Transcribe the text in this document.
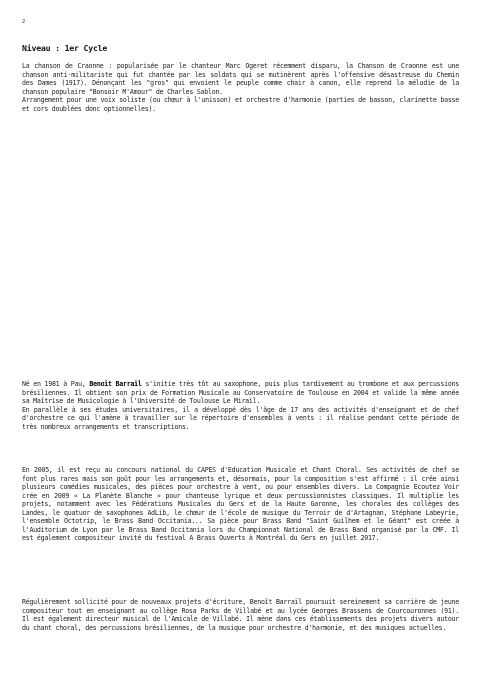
2
Niveau : 1er Cycle

La chanson de Craonne : popularisée par le chanteur Marc Ogeret récemment disparu, la Chanson de Craonne est une chanson anti-militariste qui fut chantée par les soldats qui se mutinèrent après l'offensive désastreuse du Chemin des Dames (1917). Dénonçant les "gros" qui envoient le peuple comme chair à canon, elle reprend la mélodie de la chanson populaire "Bonsoir M'Amour" de Charles Sablon.

Arrangement pour une voix soliste (ou chœur à l'unisson) et orchestre d'harmonie (parties de basson, clarinette basse et cors doublées donc optionnelles).

Né en 1981 à Pau, Benoît Barraïl s'initie très tôt au saxophone, puis plus tardivement au trombone et aux percussions brésiliennes. Il obtient son prix de Formation Musicale au Conservatoire de Toulouse en 2004 et valide la même année sa Maîtrise de Musicologie à l'Université de Toulouse Le Mirail.

En parallèle à ses études universitaires, il a développé dès l'âge de 17 ans des activités d'enseignant et de chef d'orchestre ce qui l'amène à travailler sur le répertoire d'ensembles à vents : il réalise pendant cette période de très nombreux arrangements et transcriptions.

En 2005, il est reçu au concours national du CAPES d'Education Musicale et Chant Choral. Ses activités de chef se font plus rares mais son goût pour les arrangements et, désormais, pour la composition s'est affirmé : il crée ainsi plusieurs comédies musicales, des pièces pour orchestre à vent, ou pour ensembles divers. La Compagnie Ecoutez Voir crée en 2009 « La Planète Blanche » pour chanteuse lyrique et deux percussionnistes classiques. Il multiplie les projets, notamment avec les Fédérations Musicales du Gers et de la Haute Garonne, les chorales des collèges des Landes, le quatuor de saxophones AdLib, le chœur de l'école de musique du Terroir de d'Artagnan, Stéphane Labeyrie, l'ensemble Octotrip, le Brass Band Occitania... Sa pièce pour Brass Band "Saint Guilhem et le Géant" est créée à l'Auditorium de Lyon par le Brass Band Occitania lors du Championnat National de Brass Band organisé par la CMF. Il est également compositeur invité du festival A Brass Ouverts à Montréal du Gers en juillet 2017.

Régulièrement sollicité pour de nouveaux projets d'écriture, Benoît Barraïl poursuit sereinement sa carrière de jeune compositeur tout en enseignant au collège Rosa Parks de Villabé et au lycée Georges Brassens de Courcouronnes (91). Il est également directeur musical de l'Amicale de Villabé. Il mène dans ces établissements des projets divers autour du chant choral, des percussions brésiliennes, de la musique pour orchestre d'harmonie, et des musiques actuelles.
